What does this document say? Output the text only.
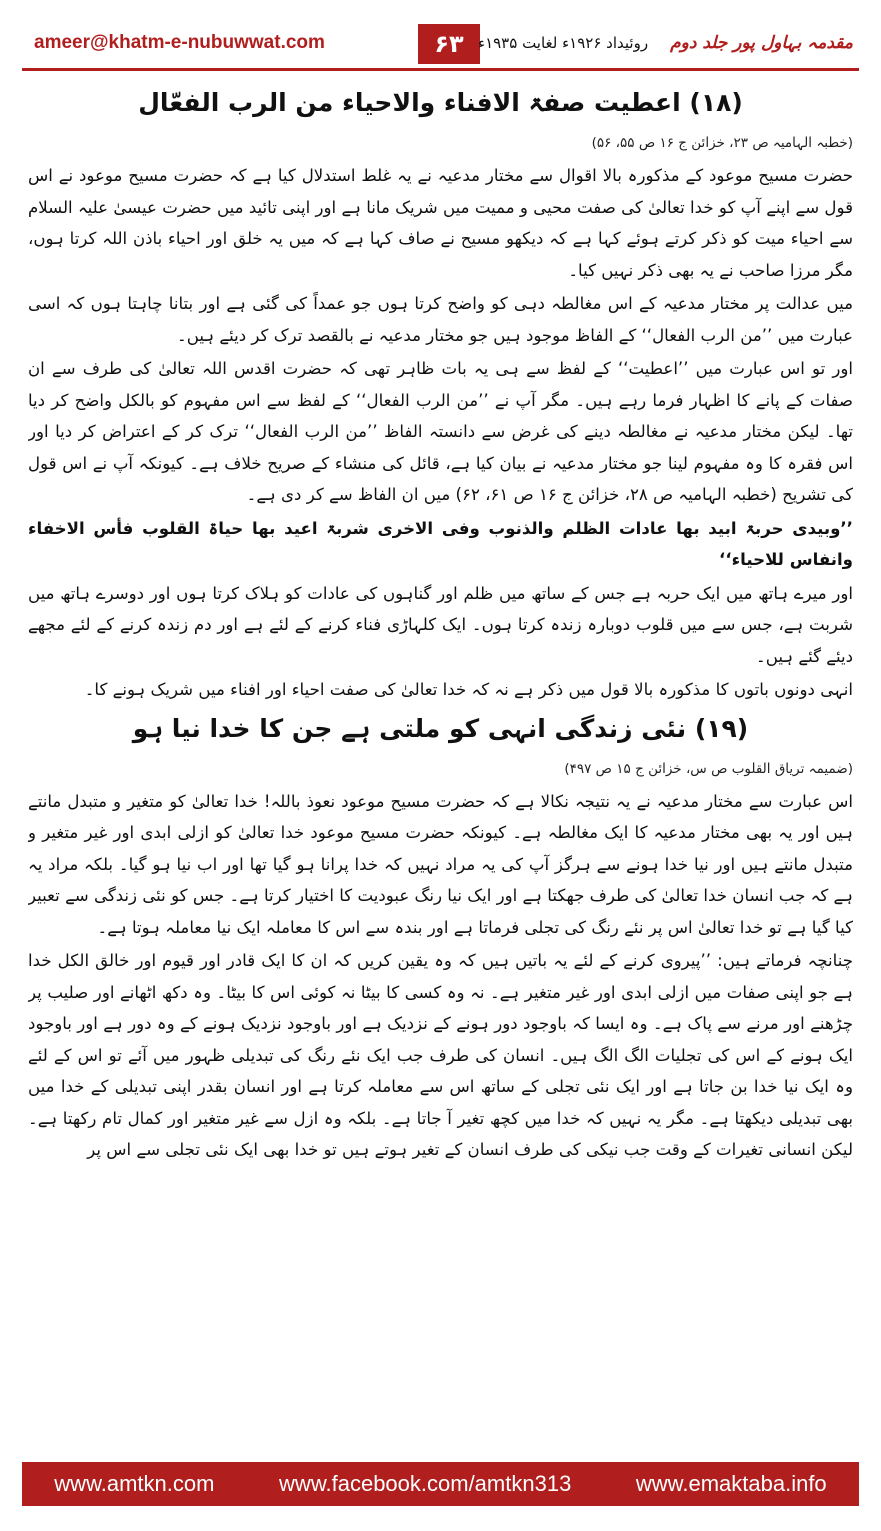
ameer@khatm-e-nubuwwat.com	۶۳	مقدمہ بہاول پور جلد دوم
روئیداد ۱۹۲۶ء لغایت ۱۹۳۵ء
(۱۸) اعطیت صفۃ الافناء والاحیاء من الرب الفعّال
(خطبہ الہامیہ ص ۲۳، خزائن ج ۱۶ ص ۵۵، ۵۶)

حضرت مسیح موعود کے مذکورہ بالا اقوال سے مختار مدعیہ نے یہ غلط استدلال کیا ہے کہ حضرت مسیح موعود نے اس قول سے اپنے آپ کو خدا تعالیٰ کی صفت محیی و ممیت میں شریک مانا ہے اور اپنی تائید میں حضرت عیسیٰ علیہ السلام سے احیاء میت کو ذکر کرتے ہوئے کہا ہے کہ دیکھو مسیح نے صاف کہا ہے کہ میں یہ خلق اور احیاء باذن اللہ کرتا ہوں، مگر مرزا صاحب نے یہ بھی ذکر نہیں کیا۔

میں عدالت پر مختار مدعیہ کے اس مغالطہ دہی کو واضح کرتا ہوں جو عمداً کی گئی ہے اور بتانا چاہتا ہوں کہ اسی عبارت میں ’’من الرب الفعال‘‘ کے الفاظ موجود ہیں جو مختار مدعیہ نے بالقصد ترک کر دیئے ہیں۔

اور تو اس عبارت میں ’’اعطیت‘‘ کے لفظ سے ہی یہ بات ظاہر تھی کہ حضرت اقدس اللہ تعالیٰ کی طرف سے ان صفات کے پانے کا اظہار فرما رہے ہیں۔ مگر آپ نے ’’من الرب الفعال‘‘ کے لفظ سے اس مفہوم کو بالکل واضح کر دیا تھا۔ لیکن مختار مدعیہ نے مغالطہ دینے کی غرض سے دانستہ الفاظ ’’من الرب الفعال‘‘ ترک کر کے اعتراض کر دیا اور اس فقرہ کا وہ مفہوم لینا جو مختار مدعیہ نے بیان کیا ہے، قائل کی منشاء کے صریح خلاف ہے۔ کیونکہ آپ نے اس قول کی تشریح (خطبہ الہامیہ ص ۲۸، خزائن ج ۱۶ ص ۶۱، ۶۲) میں ان الفاظ سے کر دی ہے۔

’’وبیدی حربۃ ابید بھا عادات الظلم والذنوب وفی الاخری شربۃ اعید بھا حیاۃ القلوب فأس الاخفاء وانفاس للاحیاء‘‘

اور میرے ہاتھ میں ایک حربہ ہے جس کے ساتھ میں ظلم اور گناہوں کی عادات کو ہلاک کرتا ہوں اور دوسرے ہاتھ میں شربت ہے، جس سے میں قلوب دوبارہ زندہ کرتا ہوں۔ ایک کلہاڑی فناء کرنے کے لئے ہے اور دم زندہ کرنے کے لئے مجھے دیئے گئے ہیں۔

انہی دونوں باتوں کا مذکورہ بالا قول میں ذکر ہے نہ کہ خدا تعالیٰ کی صفت احیاء اور افناء میں شریک ہونے کا۔

(۱۹) نئی زندگی انہی کو ملتی ہے جن کا خدا نیا ہو
(ضمیمہ تریاق القلوب ص س، خزائن ج ۱۵ ص ۴۹۷)

اس عبارت سے مختار مدعیہ نے یہ نتیجہ نکالا ہے کہ حضرت مسیح موعود نعوذ باللہ! خدا تعالیٰ کو متغیر و متبدل مانتے ہیں اور یہ بھی مختار مدعیہ کا ایک مغالطہ ہے۔ کیونکہ حضرت مسیح موعود خدا تعالیٰ کو ازلی ابدی اور غیر متغیر و متبدل مانتے ہیں اور نیا خدا ہونے سے ہرگز آپ کی یہ مراد نہیں کہ خدا پرانا ہو گیا تھا اور اب نیا ہو گیا۔ بلکہ مراد یہ ہے کہ جب انسان خدا تعالیٰ کی طرف جھکتا ہے اور ایک نیا رنگ عبودیت کا اختیار کرتا ہے۔ جس کو نئی زندگی سے تعبیر کیا گیا ہے تو خدا تعالیٰ اس پر نئے رنگ کی تجلی فرماتا ہے اور بندہ سے اس کا معاملہ ایک نیا معاملہ ہوتا ہے۔

چنانچہ فرماتے ہیں: ’’پیروی کرنے کے لئے یہ باتیں ہیں کہ وہ یقین کریں کہ ان کا ایک قادر اور قیوم اور خالق الکل خدا ہے جو اپنی صفات میں ازلی ابدی اور غیر متغیر ہے۔ نہ وہ کسی کا بیٹا نہ کوئی اس کا بیٹا۔ وہ دکھ اٹھانے اور صلیب پر چڑھنے اور مرنے سے پاک ہے۔ وہ ایسا کہ باوجود دور ہونے کے نزدیک ہے اور باوجود نزدیک ہونے کے وہ دور ہے اور باوجود ایک ہونے کے اس کی تجلیات الگ الگ ہیں۔ انسان کی طرف جب ایک نئے رنگ کی تبدیلی ظہور میں آئے تو اس کے لئے وہ ایک نیا خدا بن جاتا ہے اور ایک نئی تجلی کے ساتھ اس سے معاملہ کرتا ہے اور انسان بقدر اپنی تبدیلی کے خدا میں بھی تبدیلی دیکھتا ہے۔ مگر یہ نہیں کہ خدا میں کچھ تغیر آ جاتا ہے۔ بلکہ وہ ازل سے غیر متغیر اور کمال تام رکھتا ہے۔ لیکن انسانی تغیرات کے وقت جب نیکی کی طرف انسان کے تغیر ہوتے ہیں تو خدا بھی ایک نئی تجلی سے اس پر

www.amtkn.com	www.facebook.com/amtkn313	www.emaktaba.info
